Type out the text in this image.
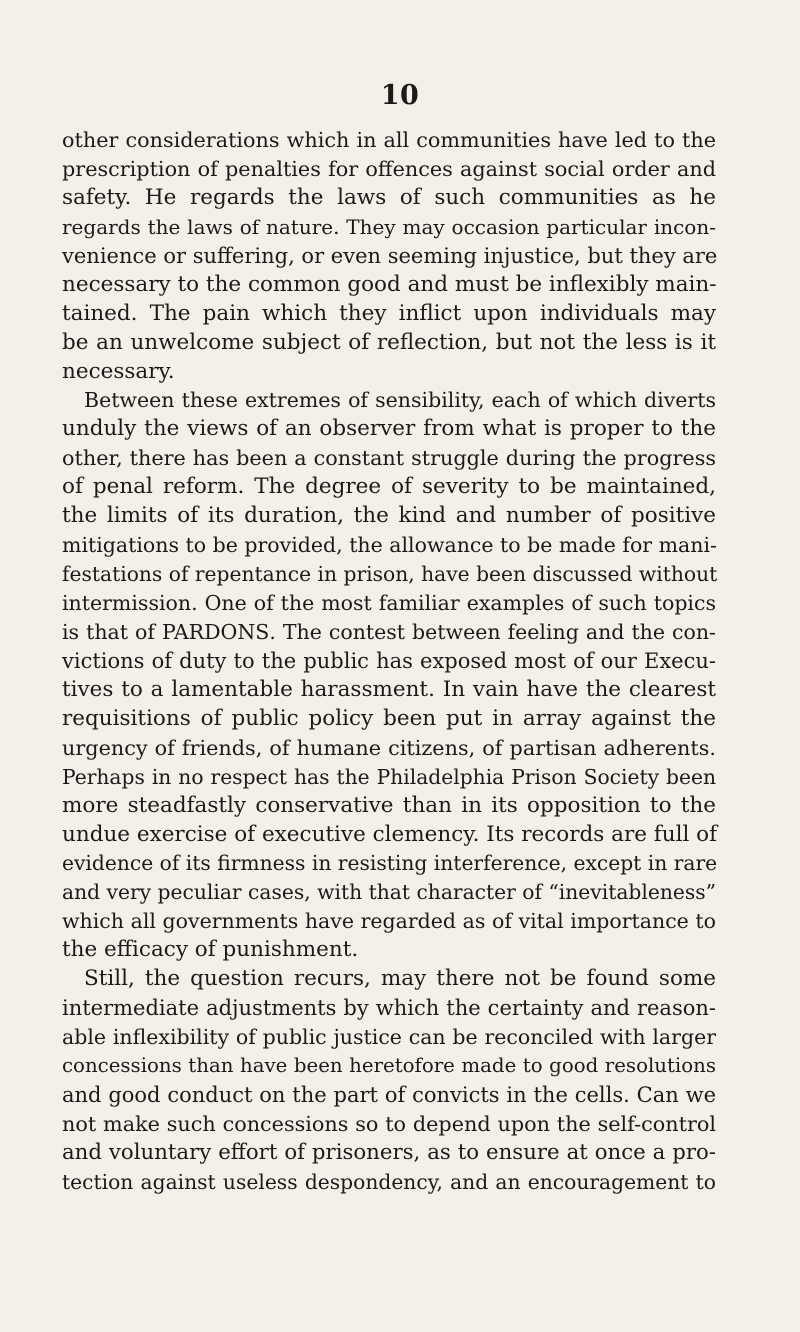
10
other considerations which in all communities have led to the
prescription of penalties for offences against social order and
safety. He regards the laws of such communities as he
regards the laws of nature. They may occasion particular incon-
venience or suffering, or even seeming injustice, but they are
necessary to the common good and must be inflexibly main-
tained. The pain which they inflict upon individuals may
be an unwelcome subject of reflection, but not the less is it
necessary.
Between these extremes of sensibility, each of which diverts
unduly the views of an observer from what is proper to the
other, there has been a constant struggle during the progress
of penal reform. The degree of severity to be maintained,
the limits of its duration, the kind and number of positive
mitigations to be provided, the allowance to be made for mani-
festations of repentance in prison, have been discussed without
intermission. One of the most familiar examples of such topics
is that of PARDONS. The contest between feeling and the con-
victions of duty to the public has exposed most of our Execu-
tives to a lamentable harassment. In vain have the clearest
requisitions of public policy been put in array against the
urgency of friends, of humane citizens, of partisan adherents.
Perhaps in no respect has the Philadelphia Prison Society been
more steadfastly conservative than in its opposition to the
undue exercise of executive clemency. Its records are full of
evidence of its firmness in resisting interference, except in rare
and very peculiar cases, with that character of “inevitableness”
which all governments have regarded as of vital importance to
the efficacy of punishment.
Still, the question recurs, may there not be found some
intermediate adjustments by which the certainty and reason-
able inflexibility of public justice can be reconciled with larger
concessions than have been heretofore made to good resolutions
and good conduct on the part of convicts in the cells. Can we
not make such concessions so to depend upon the self-control
and voluntary effort of prisoners, as to ensure at once a pro-
tection against useless despondency, and an encouragement to
